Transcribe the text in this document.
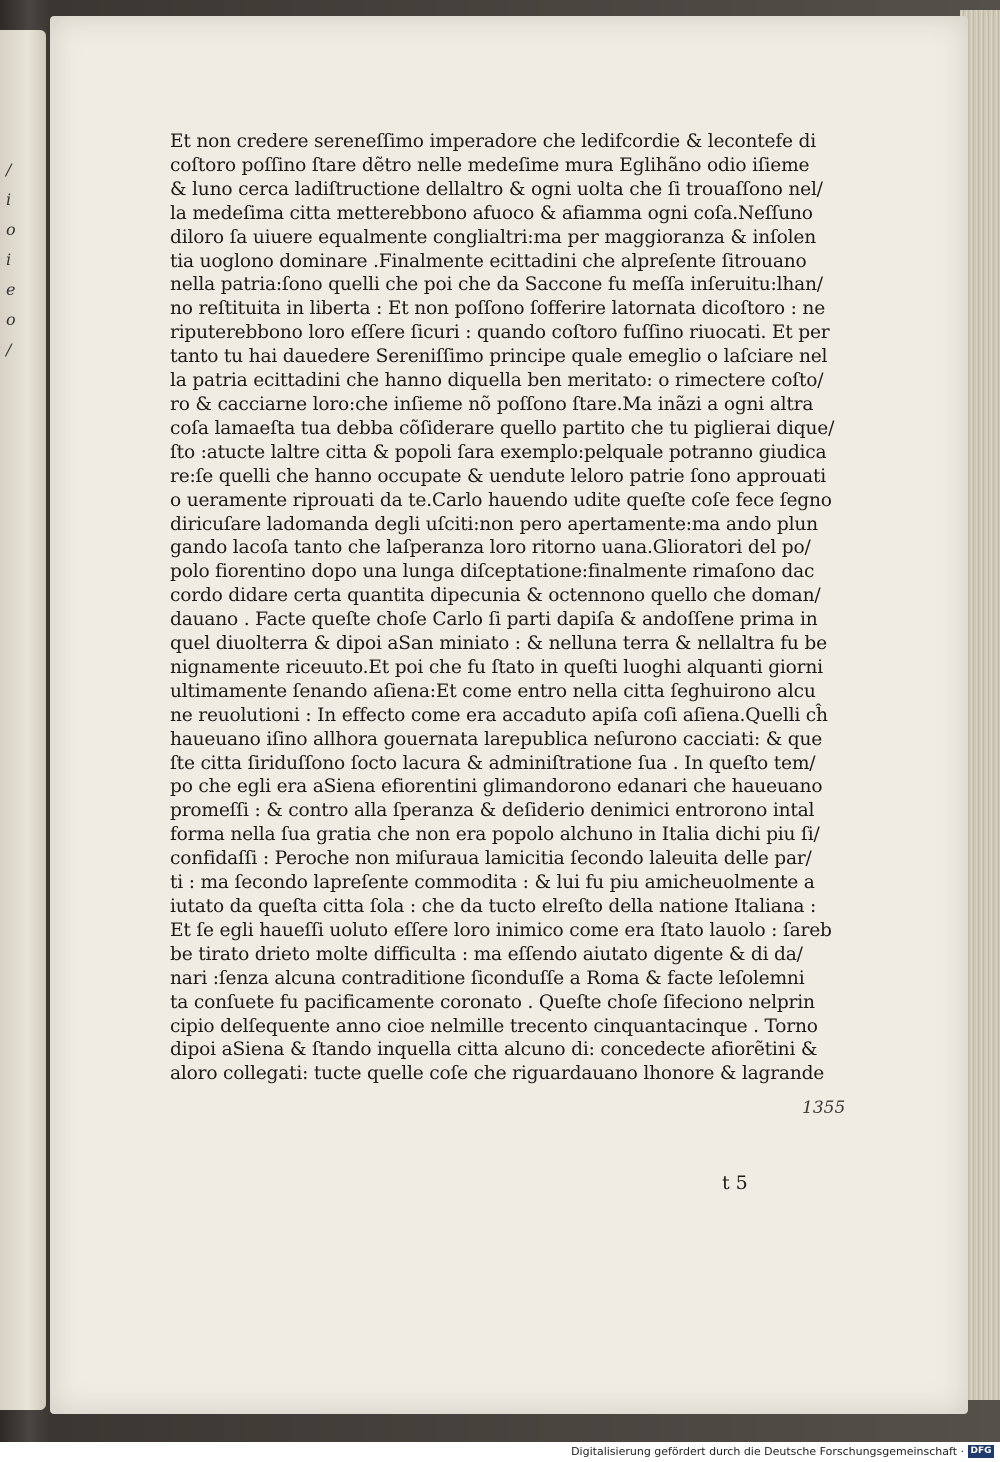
/
i
o
i
e
o
/
Et non credere sereneſſimo imperadore che ledifcordie & lecontefe di
coſtoro poſſino ſtare dẽtro nelle medeſime mura Eglihãno odio iſieme
& luno cerca ladiſtructione dellaltro & ogni uolta che ſi trouaſſono nel/
la medeſima citta metterebbono afuoco & afiamma ogni coſa.Neſſuno
diloro ſa uiuere equalmente conglialtri:ma per maggioranza & inſolen
tia uoglono dominare .Finalmente ecittadini che alpreſente ſitrouano
nella patria:ſono quelli che poi che da Saccone fu meſſa inſeruitu:lhan/
no reſtituita in liberta : Et non poſſono ſofferire latornata dicoſtoro : ne
riputerebbono loro eſſere ſicuri : quando coſtoro fuſſino riuocati. Et per
tanto tu hai dauedere Sereniſſimo principe quale emeglio o laſciare nel
la patria ecittadini che hanno diquella ben meritato: o rimectere coſto/
ro & cacciarne loro:che inſieme nõ poſſono ſtare.Ma inãzi a ogni altra
coſa lamaeſta tua debba cõſiderare quello partito che tu piglierai dique/
ſto :atucte laltre citta & popoli ſara exemplo:pelquale potranno giudica
re:ſe quelli che hanno occupate & uendute leloro patrie ſono approuati
o ueramente riprouati da te.Carlo hauendo udite queſte coſe fece ſegno
diricuſare ladomanda degli uſciti:non pero apertamente:ma ando plun
gando lacoſa tanto che laſperanza loro ritorno uana.Glioratori del po/
polo fiorentino dopo una lunga diſceptatione:finalmente rimaſono dac
cordo didare certa quantita dipecunia & octennono quello che doman/
dauano . Facte queſte choſe Carlo ſi parti dapiſa & andoſſene prima in
quel diuolterra & dipoi aSan miniato : & nelluna terra & nellaltra fu be
nignamente riceuuto.Et poi che fu ſtato in queſti luoghi alquanti giorni
ultimamente ſenando aſiena:Et come entro nella citta ſeghuirono alcu
ne reuolutioni : In effecto come era accaduto apiſa coſi aſiena.Quelli cĥ
haueuano iſino allhora gouernata larepublica neſurono cacciati: & que
ſte citta ſiriduſſono ſocto lacura & adminiſtratione ſua . In queſto tem/
po che egli era aSiena efiorentini glimandorono edanari che haueuano
promeſſi : & contro alla ſperanza & deſiderio denimici entrorono intal
forma nella ſua gratia che non era popolo alchuno in Italia dichi piu ſi/
confidaſſi : Peroche non miſuraua lamicitia ſecondo laleuita delle par/
ti : ma ſecondo lapreſente commodita : & lui fu piu amicheuolmente a
iutato da queſta citta ſola : che da tucto elreſto della natione Italiana :
Et ſe egli haueſſi uoluto eſſere loro inimico come era ſtato lauolo : ſareb
be tirato drieto molte difficulta : ma eſſendo aiutato digente & di da/
nari :ſenza alcuna contraditione ſiconduſſe a Roma & facte leſolemni
ta conſuete fu pacificamente coronato . Queſte choſe ſifeciono nelprin
cipio delſequente anno cioe nelmille trecento cinquantacinque . Torno
dipoi aSiena & ſtando inquella citta alcuno di: concedecte afiorẽtini &
aloro collegati: tucte quelle coſe che riguardauano lhonore & lagrande
1355
t 5
Digitalisierung gefördert durch die Deutsche Forschungsgemeinschaft · DFG
